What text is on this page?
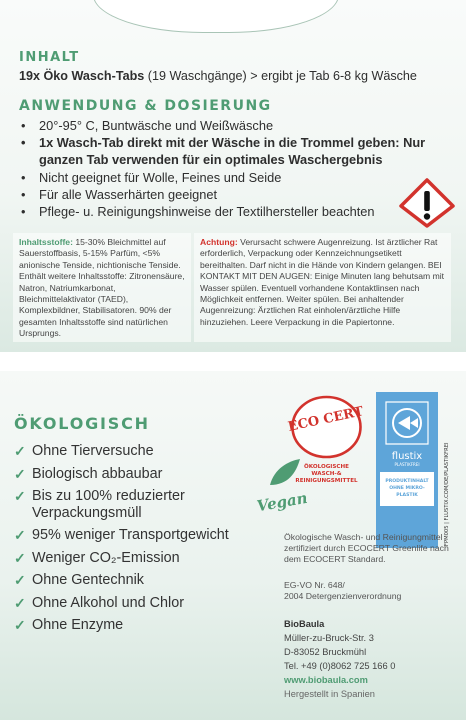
INHALT
19x Öko Wasch-Tabs (19 Waschgänge) > ergibt je Tab 6-8 kg Wäsche
ANWENDUNG & DOSIERUNG
• 20°-95° C, Buntwäsche und Weißwäsche
• 1x Wasch-Tab direkt mit der Wäsche in die Trommel geben: Nur ganzen Tab verwenden für ein optimales Waschergebnis
• Nicht geeignet für Wolle, Feines und Seide
• Für alle Wasserhärten geeignet
• Pflege- u. Reinigungshinweise der Textilhersteller beachten

Inhaltsstoffe: 15-30% Bleichmittel auf Sauerstoffbasis, 5-15% Parfüm, <5% anionische Tenside, nichtionische Tenside. Enthält weitere Inhaltsstoffe: Zitronensäure, Natron, Natriumkarbonat, Bleichmittelaktivator (TAED), Komplexbildner, Stabilisatoren. 90% der gesamten Inhaltsstoffe sind natürlichen Ursprungs.

Achtung: Verursacht schwere Augenreizung. Ist ärztlicher Rat erforderlich, Verpackung oder Kennzeichnungsetikett bereithalten. Darf nicht in die Hände von Kindern gelangen. BEI KONTAKT MIT DEN AUGEN: Einige Minuten lang behutsam mit Wasser spülen. Eventuell vorhandene Kontaktlinsen nach Möglichkeit entfernen. Weiter spülen. Bei anhaltender Augenreizung: Ärztlichen Rat einholen/ärztliche Hilfe hinzuziehen. Leere Verpackung in die Papiertonne.

ÖKOLOGISCH
✓ Ohne Tierversuche
✓ Biologisch abbaubar
✓ Bis zu 100% reduzierter Verpackungsmüll
✓ 95% weniger Transportgewicht
✓ Weniger CO₂-Emission
✓ Ohne Gentechnik
✓ Ohne Alkohol und Chlor
✓ Ohne Enzyme
ECO CERT
ÖKOLOGISCHE
WASCH-&
REINIGUNGSMITTEL
flustix
PLASTIKFREI
PRODUKTINHALT
OHNE MIKRO-
PLASTIK	FPM005 | FLUSTIX.COM/DE/PLASTIKFREI
Vegan

Ökologische Wasch- und Reinigungmittel zertifiziert durch ECOCERT Greenlife nach dem ECOCERT Standard.

EG-VO Nr. 648/
2004 Detergenzienverordnung
BioBaula
Müller-zu-Bruck-Str. 3
D-83052 Bruckmühl
Tel. +49 (0)8062 725 166 0
www.biobaula.com
Hergestellt in Spanien
